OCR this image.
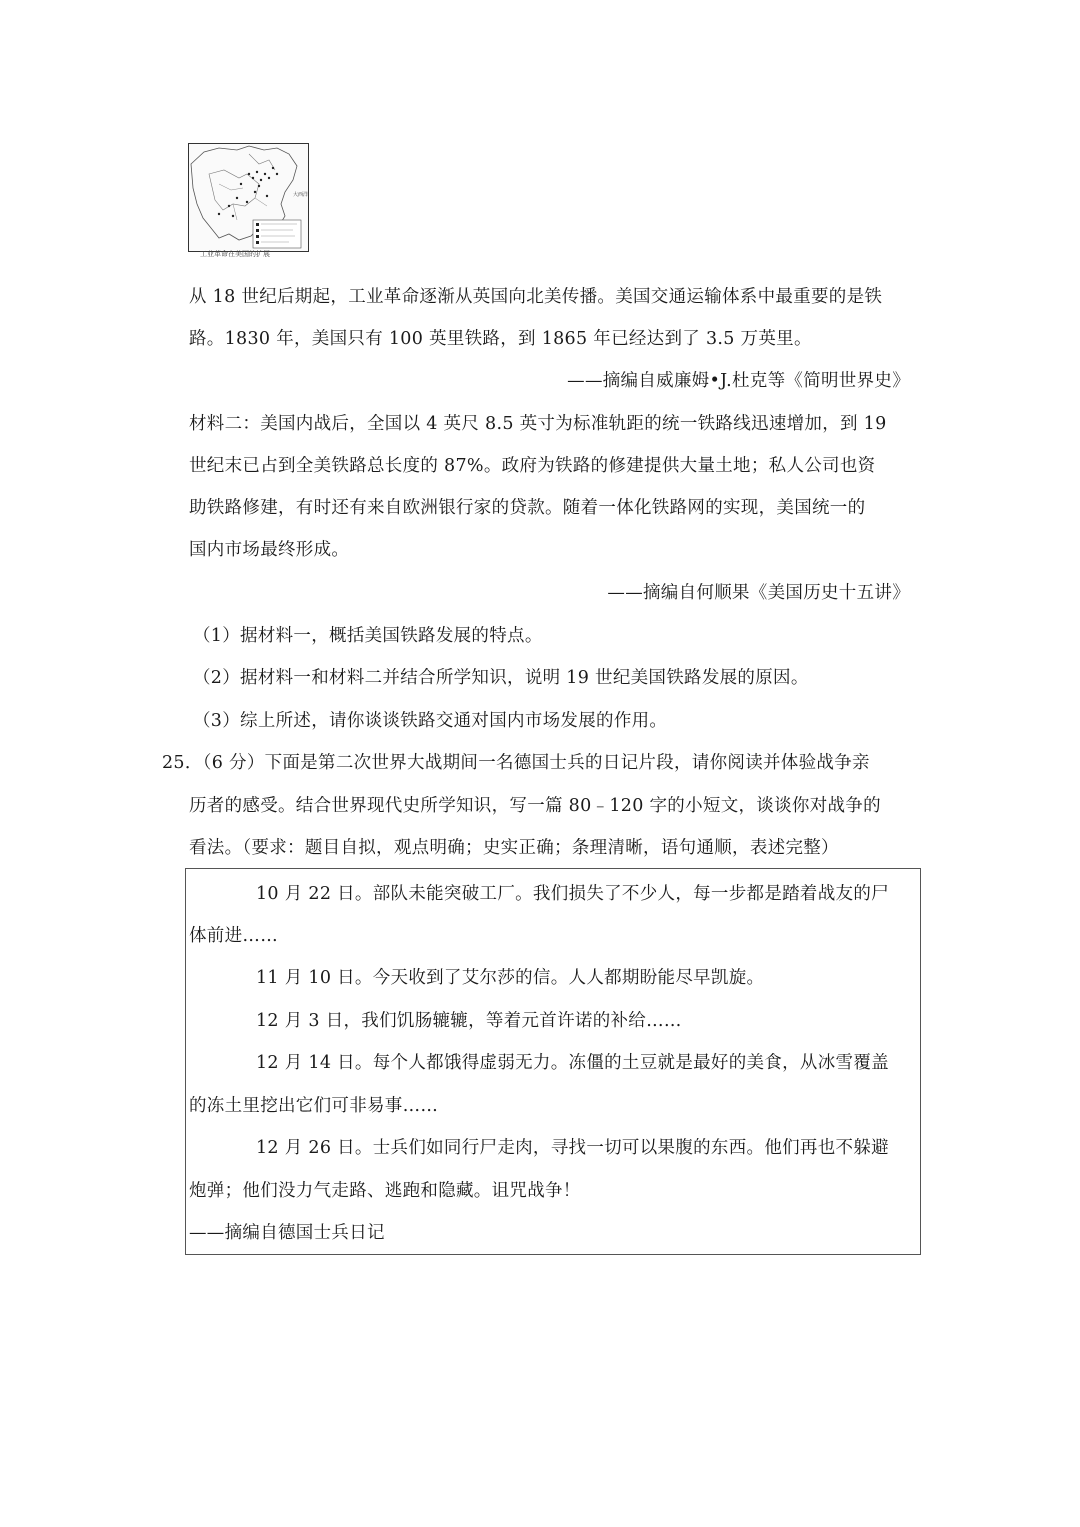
大西洋
工业革命在美国的扩展
从 18 世纪后期起，工业革命逐渐从英国向北美传播。美国交通运输体系中最重要的是铁
路。1830 年，美国只有 100 英里铁路，到 1865 年已经达到了 3.5 万英里。
——摘编自威廉姆•J.杜克等《简明世界史》
材料二：美国内战后，全国以 4 英尺 8.5 英寸为标准轨距的统一铁路线迅速增加，到 19
世纪末已占到全美铁路总长度的 87%。政府为铁路的修建提供大量土地；私人公司也资
助铁路修建，有时还有来自欧洲银行家的贷款。随着一体化铁路网的实现，美国统一的
国内市场最终形成。
——摘编自何顺果《美国历史十五讲》
（1）据材料一，概括美国铁路发展的特点。
（2）据材料一和材料二并结合所学知识，说明 19 世纪美国铁路发展的原因。
（3）综上所述，请你谈谈铁路交通对国内市场发展的作用。
25．（6 分）下面是第二次世界大战期间一名德国士兵的日记片段，请你阅读并体验战争亲
历者的感受。结合世界现代史所学知识，写一篇 80﹣120 字的小短文，谈谈你对战争的
看法。（要求：题目自拟，观点明确；史实正确；条理清晰，语句通顺，表述完整）
10 月 22 日。部队未能突破工厂。我们损失了不少人，每一步都是踏着战友的尸
体前进……
11 月 10 日。今天收到了艾尔莎的信。人人都期盼能尽早凯旋。
12 月 3 日，我们饥肠辘辘，等着元首许诺的补给……
12 月 14 日。每个人都饿得虚弱无力。冻僵的土豆就是最好的美食，从冰雪覆盖
的冻土里挖出它们可非易事……
12 月 26 日。士兵们如同行尸走肉，寻找一切可以果腹的东西。他们再也不躲避
炮弹；他们没力气走路、逃跑和隐藏。诅咒战争！
——摘编自德国士兵日记
